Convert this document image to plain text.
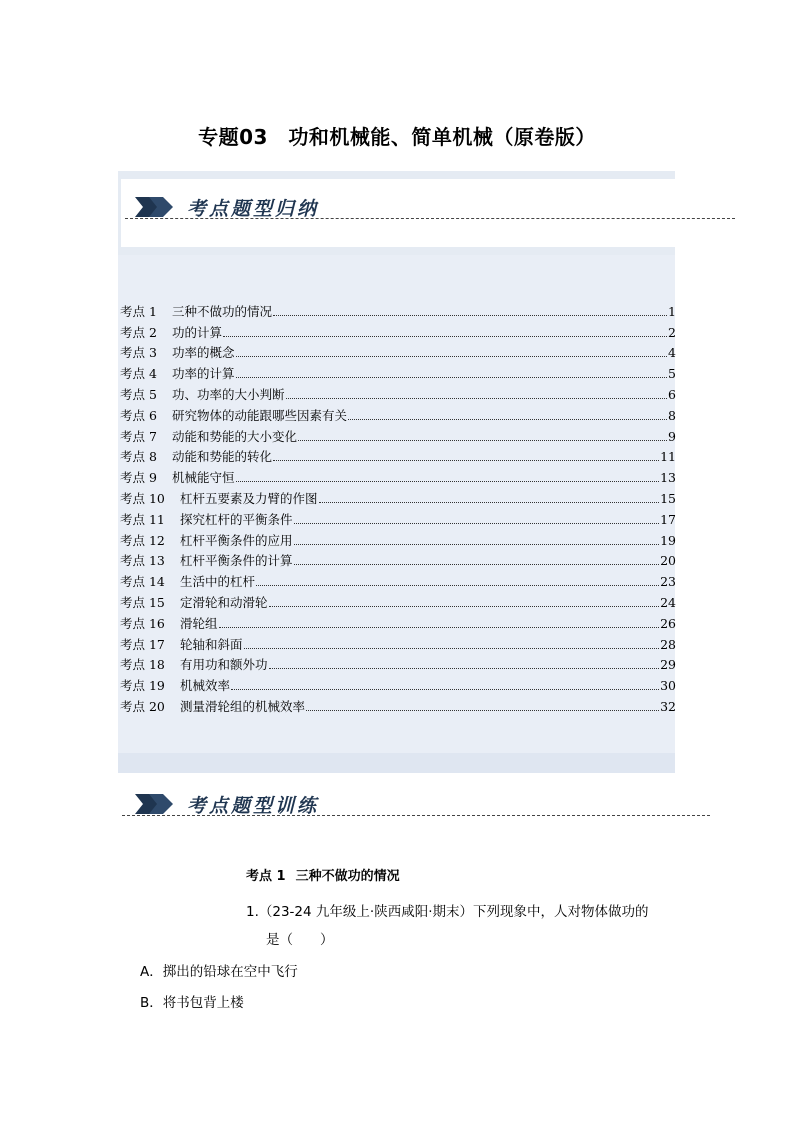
专题03　功和机械能、简单机械（原卷版）
考点题型归纳
考点 1	三种不做功的情况	1
考点 2	功的计算	2
考点 3	功率的概念	4
考点 4	功率的计算	5
考点 5	功、功率的大小判断	6
考点 6	研究物体的动能跟哪些因素有关	8
考点 7	动能和势能的大小变化	9
考点 8	动能和势能的转化	11
考点 9	机械能守恒	13
考点 10	杠杆五要素及力臂的作图	15
考点 11	探究杠杆的平衡条件	17
考点 12	杠杆平衡条件的应用	19
考点 13	杠杆平衡条件的计算	20
考点 14	生活中的杠杆	23
考点 15	定滑轮和动滑轮	24
考点 16	滑轮组	26
考点 17	轮轴和斜面	28
考点 18	有用功和额外功	29
考点 19	机械效率	30
考点 20	测量滑轮组的机械效率	32
考点题型训练
考点 1 三种不做功的情况
1.（23-24 九年级上·陕西咸阳·期末）下列现象中，人对物体做功的
是（　　）
A．掷出的铅球在空中飞行
B．将书包背上楼
